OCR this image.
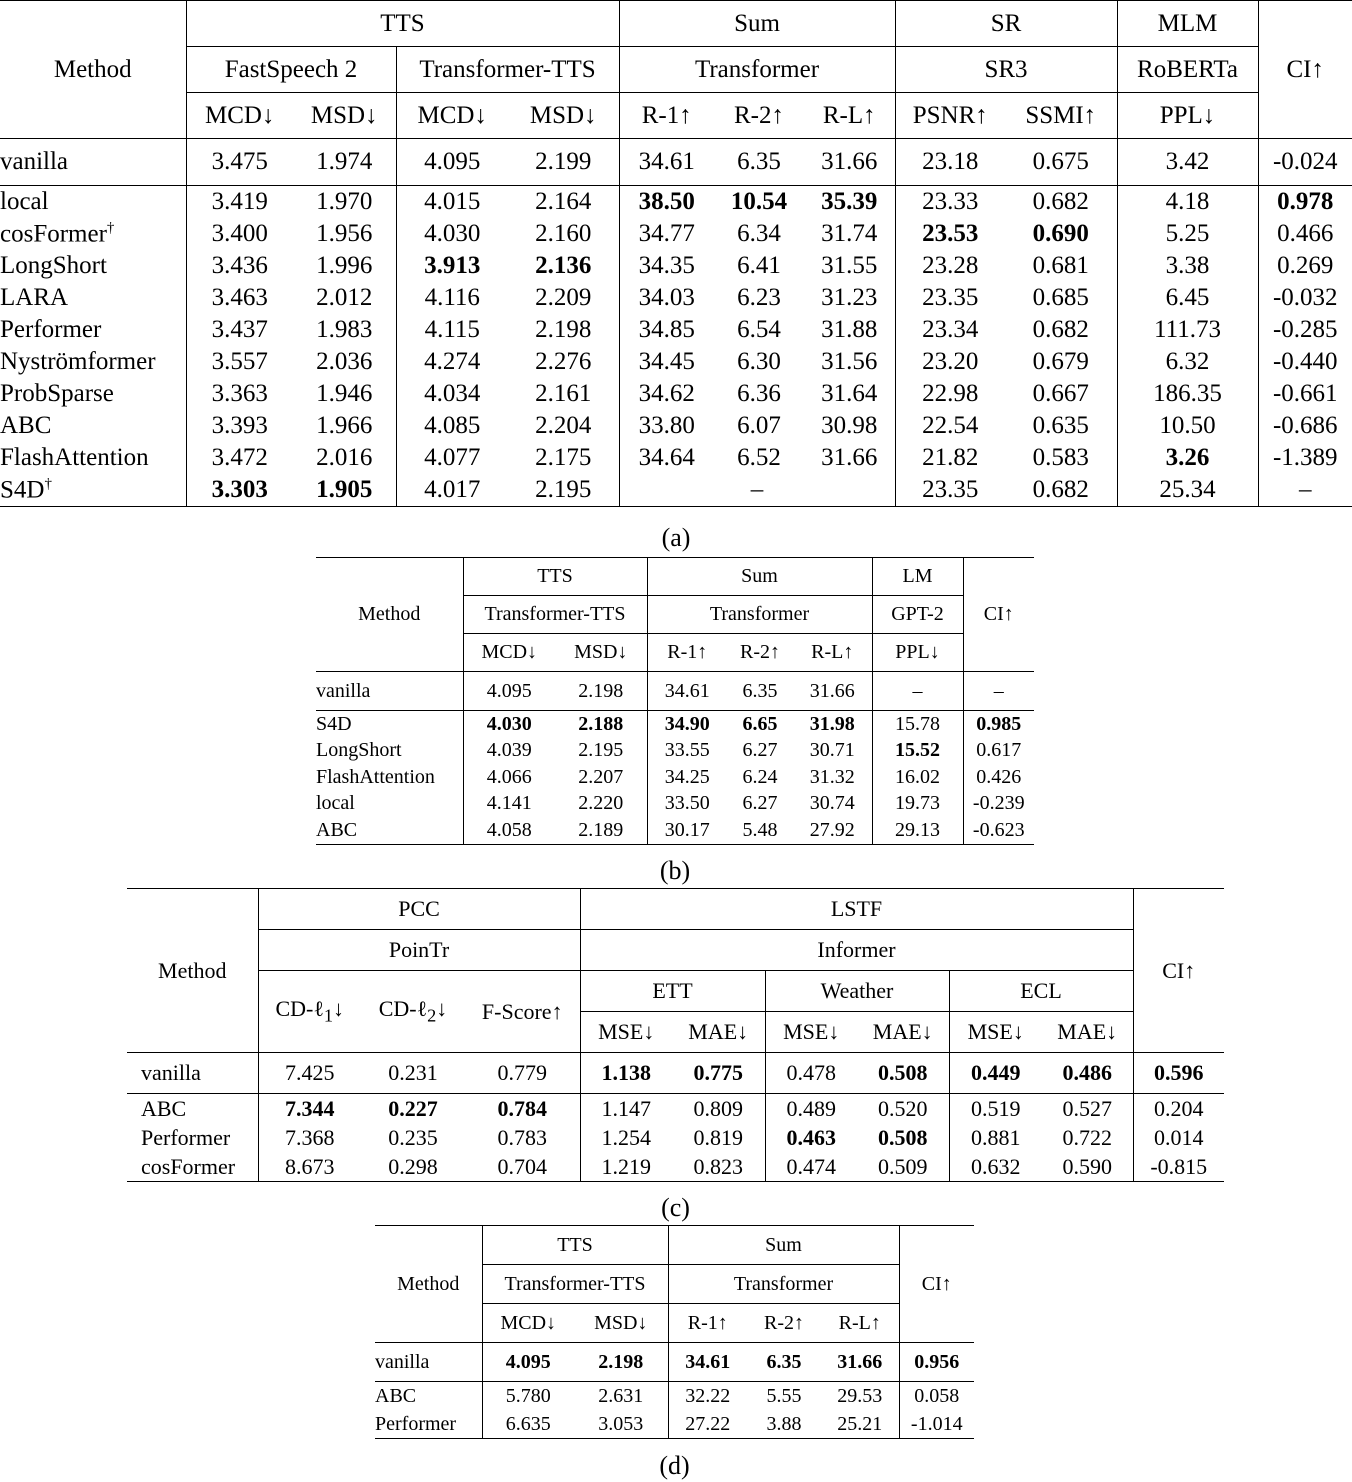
Method	TTS				Sum			SR		MLM	CI↑
	FastSpeech 2		Transformer-TTS		Transformer			SR3		RoBERTa	
	MCD↓	MSD↓	MCD↓	MSD↓	R-1↑	R-2↑	R-L↑	PSNR↑	SSMI↑	PPL↓	
vanilla	3.475	1.974	4.095	2.199	34.61	6.35	31.66	23.18	0.675	3.42	-0.024
local	3.419	1.970	4.015	2.164	38.50	10.54	35.39	23.33	0.682	4.18	0.978
cosFormer†	3.400	1.956	4.030	2.160	34.77	6.34	31.74	23.53	0.690	5.25	0.466
LongShort	3.436	1.996	3.913	2.136	34.35	6.41	31.55	23.28	0.681	3.38	0.269
LARA	3.463	2.012	4.116	2.209	34.03	6.23	31.23	23.35	0.685	6.45	-0.032
Performer	3.437	1.983	4.115	2.198	34.85	6.54	31.88	23.34	0.682	111.73	-0.285
Nyströmformer	3.557	2.036	4.274	2.276	34.45	6.30	31.56	23.20	0.679	6.32	-0.440
ProbSparse	3.363	1.946	4.034	2.161	34.62	6.36	31.64	22.98	0.667	186.35	-0.661
ABC	3.393	1.966	4.085	2.204	33.80	6.07	30.98	22.54	0.635	10.50	-0.686
FlashAttention	3.472	2.016	4.077	2.175	34.64	6.52	31.66	21.82	0.583	3.26	-1.389
S4D†	3.303	1.905	4.017	2.195	–			23.35	0.682	25.34	–
(a)
Method	TTS		Sum			LM	CI↑
	Transformer-TTS		Transformer			GPT-2	
	MCD↓	MSD↓	R-1↑	R-2↑	R-L↑	PPL↓	
vanilla	4.095	2.198	34.61	6.35	31.66	–	–
S4D	4.030	2.188	34.90	6.65	31.98	15.78	0.985
LongShort	4.039	2.195	33.55	6.27	30.71	15.52	0.617
FlashAttention	4.066	2.207	34.25	6.24	31.32	16.02	0.426
local	4.141	2.220	33.50	6.27	30.74	19.73	-0.239
ABC	4.058	2.189	30.17	5.48	27.92	29.13	-0.623
(b)
Method	PCC			LSTF						CI↑
	PoinTr			Informer						
	CD-ℓ$_1$↓	CD-ℓ$_2$↓	F-Score↑	ETT		Weather		ECL		
				MSE↓	MAE↓	MSE↓	MAE↓	MSE↓	MAE↓	
vanilla	7.425	0.231	0.779	1.138	0.775	0.478	0.508	0.449	0.486	0.596
ABC	7.344	0.227	0.784	1.147	0.809	0.489	0.520	0.519	0.527	0.204
Performer	7.368	0.235	0.783	1.254	0.819	0.463	0.508	0.881	0.722	0.014
cosFormer	8.673	0.298	0.704	1.219	0.823	0.474	0.509	0.632	0.590	-0.815
(c)
Method	TTS		Sum			CI↑
	Transformer-TTS		Transformer			
	MCD↓	MSD↓	R-1↑	R-2↑	R-L↑	
vanilla	4.095	2.198	34.61	6.35	31.66	0.956
ABC	5.780	2.631	32.22	5.55	29.53	0.058
Performer	6.635	3.053	27.22	3.88	25.21	-1.014
(d)
